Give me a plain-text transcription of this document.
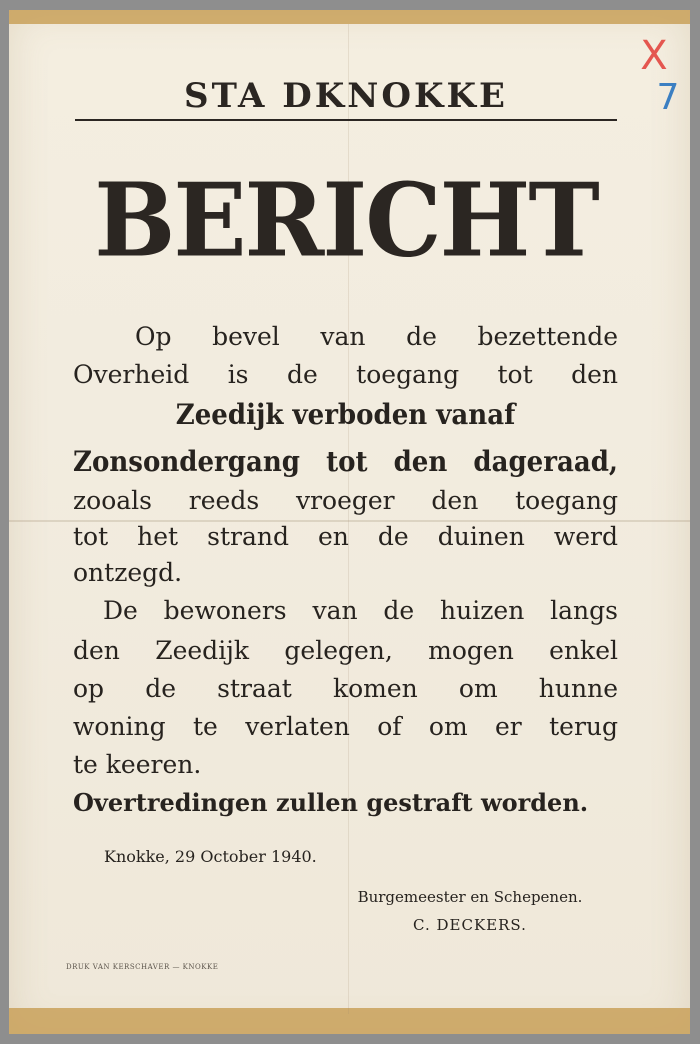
X
7
STA DKNOKKE
BERICHT
Op bevel van de bezettende
Overheid is de toegang tot den
Zeedijk verboden vanaf
Zonsondergang tot den dageraad,
zooals reeds vroeger den toegang
tot het strand en de duinen werd
ontzegd.
De bewoners van de huizen langs
den Zeedijk gelegen, mogen enkel
op de straat komen om hunne
woning te verlaten of om er terug
te keeren.
Overtredingen zullen gestraft worden.
Knokke, 29 October 1940.
Burgemeester en Schepenen.
C. DECKERS.
DRUK VAN KERSCHAVER — KNOKKE
